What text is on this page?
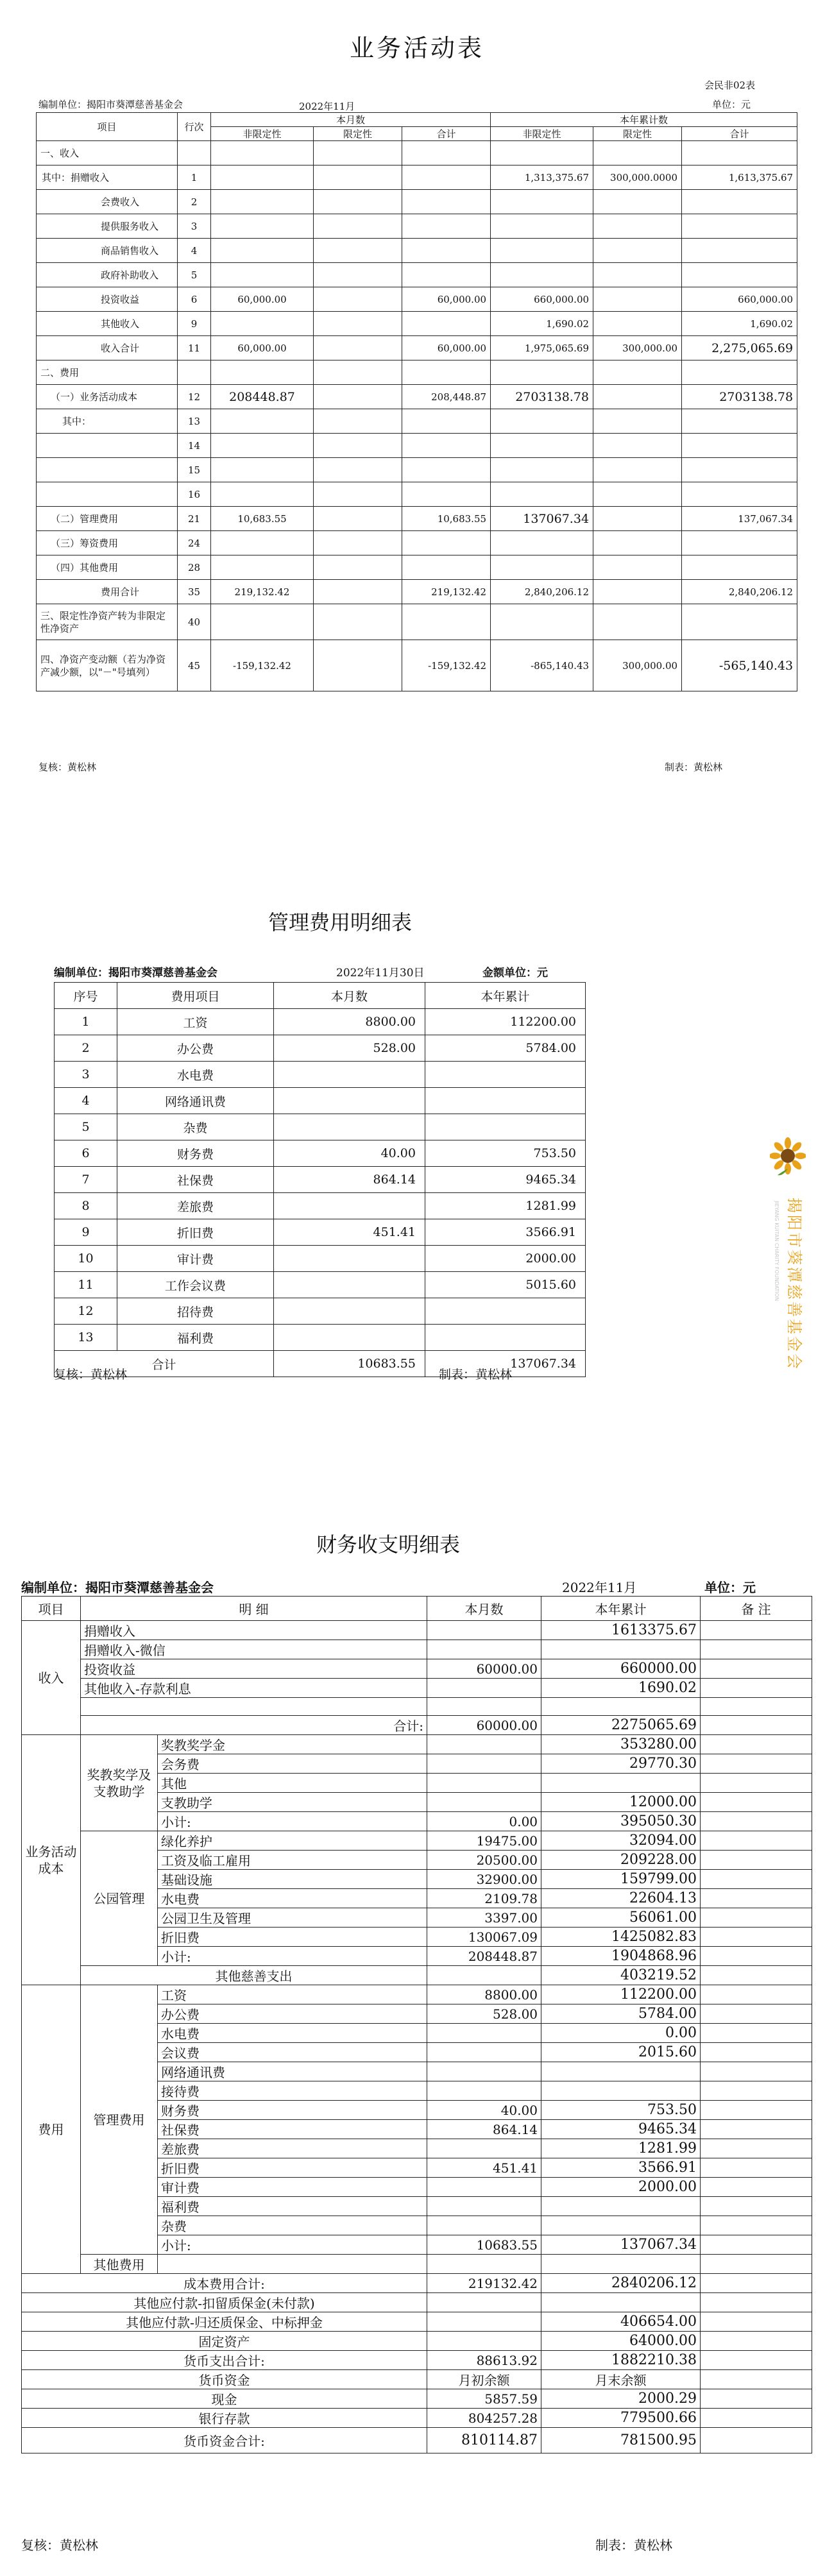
业务活动表
会民非02表
编制单位：揭阳市葵潭慈善基金会	2022年11月	单位：元
项目	行次	本月数			本年累计数		
		非限定性	限定性	合计	非限定性	限定性	合计
一、收入							
其中：捐赠收入	1				1,313,375.67	300,000.0000	1,613,375.67
会费收入	2						
提供服务收入	3						
商品销售收入	4						
政府补助收入	5						
投资收益	6	60,000.00		60,000.00	660,000.00		660,000.00
其他收入	9				1,690.02		1,690.02
收入合计	11	60,000.00		60,000.00	1,975,065.69	300,000.00	2,275,065.69
二、费用							
（一）业务活动成本	12	208448.87		208,448.87	2703138.78		2703138.78
其中：	13						
	14						
	15						
	16						
（二）管理费用	21	10,683.55		10,683.55	137067.34		137,067.34
（三）筹资费用	24						
（四）其他费用	28						
费用合计	35	219,132.42		219,132.42	2,840,206.12		2,840,206.12
三、限定性净资产转为非限定性净资产	40						
四、净资产变动额（若为净资产减少额，以"－"号填列）	45	-159,132.42		-159,132.42	-865,140.43	300,000.00	-565,140.43
复核：黄松林	制表：黄松林
管理费用明细表
编制单位：揭阳市葵潭慈善基金会	2022年11月30日	金额单位：元
序号	费用项目	本月数	本年累计
1	工资	8800.00	112200.00
2	办公费	528.00	5784.00
3	水电费		
4	网络通讯费		
5	杂费		
6	财务费	40.00	753.50
7	社保费	864.14	9465.34
8	差旅费		1281.99
9	折旧费	451.41	3566.91
10	审计费		2000.00
11	工作会议费		5015.60
12	招待费		
13	福利费		
合计		10683.55	137067.34
复核：黄松林	制表：黄松林
揭阳市葵潭慈善基金会
JIEYANG KUITAN CHARITY FOUNDATION
财务收支明细表
编制单位：揭阳市葵潭慈善基金会	2022年11月	单位：元
项目	明 细		本月数	本年累计	备 注
收入	捐赠收入			1613375.67	
	捐赠收入-微信				
	投资收益		60000.00	660000.00	
	其他收入-存款利息			1690.02	

	合计:		60000.00	2275065.69	
业务活动成本	奖教奖学及支教助学	奖教奖学金		353280.00	
		会务费		29770.30	
		其他			
		支教助学		12000.00	
		小计:	0.00	395050.30	
	公园管理	绿化养护	19475.00	32094.00	
		工资及临工雇用	20500.00	209228.00	
		基础设施	32900.00	159799.00	
		水电费	2109.78	22604.13	
		公园卫生及管理	3397.00	56061.00	
		折旧费	130067.09	1425082.83	
		小计:	208448.87	1904868.96	
	其他慈善支出			403219.52	
费用	管理费用	工资	8800.00	112200.00	
		办公费	528.00	5784.00	
		水电费		0.00	
		会议费		2015.60	
		网络通讯费			
		接待费			
		财务费	40.00	753.50	
		社保费	864.14	9465.34	
		差旅费		1281.99	
		折旧费	451.41	3566.91	
		审计费		2000.00	
		福利费			
		杂费			
		小计:	10683.55	137067.34	
	其他费用				
成本费用合计:			219132.42	2840206.12	
其他应付款-扣留质保金(未付款)					
其他应付款-归还质保金、中标押金				406654.00	
固定资产				64000.00	
货币支出合计:			88613.92	1882210.38	
货币资金			月初余额	月末余额	
现金			5857.59	2000.29	
银行存款			804257.28	779500.66	
货币资金合计:			810114.87	781500.95	
复核：黄松林	制表：黄松林
